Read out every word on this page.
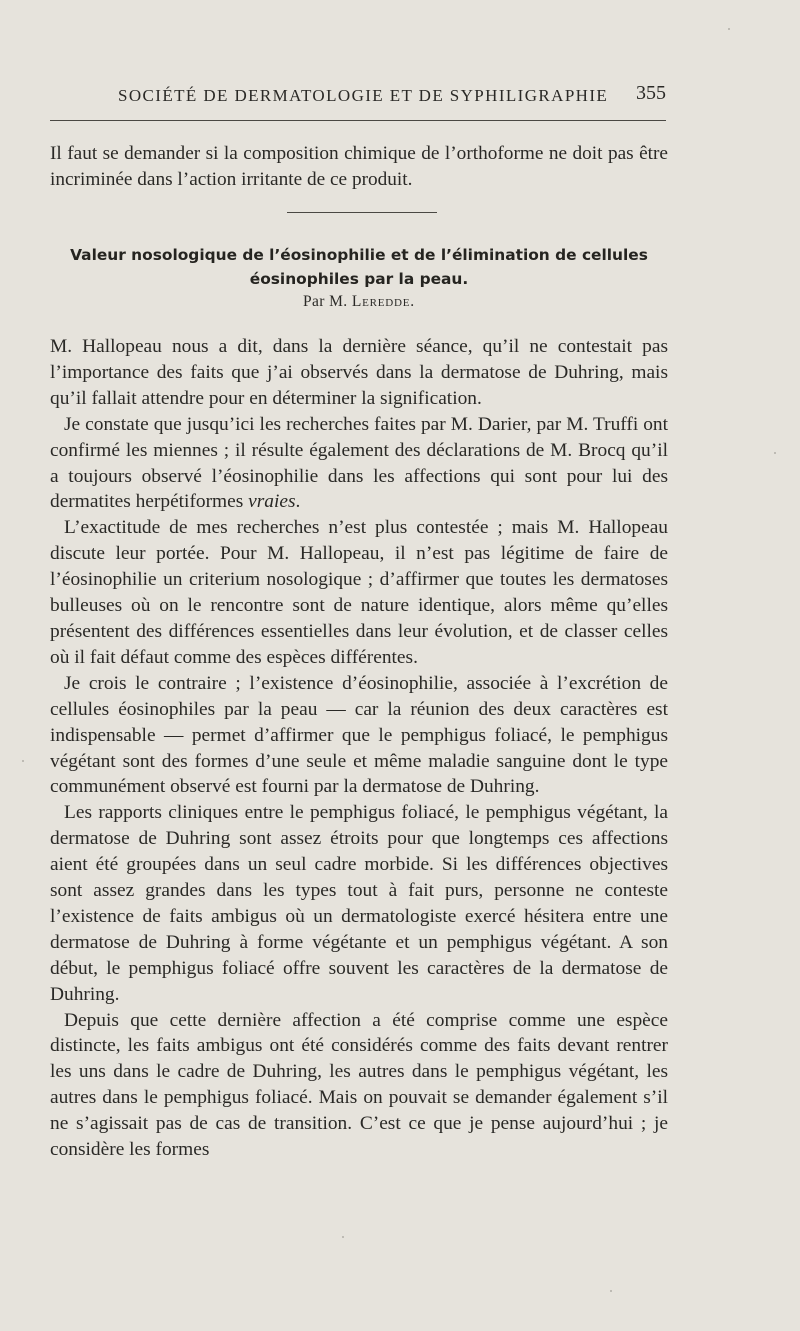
SOCIÉTÉ DE DERMATOLOGIE ET DE SYPHILIGRAPHIE 355
Il faut se demander si la composition chimique de l’orthoforme ne doit pas être incriminée dans l’action irritante de ce produit.
Valeur nosologique de l’éosinophilie et de l’élimination de cellules
éosinophiles par la peau.
Par M. Leredde.

M. Hallopeau nous a dit, dans la dernière séance, qu’il ne contestait pas l’importance des faits que j’ai observés dans la dermatose de Duhring, mais qu’il fallait attendre pour en déterminer la signification.

Je constate que jusqu’ici les recherches faites par M. Darier, par M. Truffi ont confirmé les miennes ; il résulte également des déclarations de M. Brocq qu’il a toujours observé l’éosinophilie dans les affections qui sont pour lui des dermatites herpétiformes vraies.

L’exactitude de mes recherches n’est plus contestée ; mais M. Hallopeau discute leur portée. Pour M. Hallopeau, il n’est pas légitime de faire de l’éosinophilie un criterium nosologique ; d’affirmer que toutes les dermatoses bulleuses où on le rencontre sont de nature identique, alors même qu’elles présentent des différences essentielles dans leur évolution, et de classer celles où il fait défaut comme des espèces différentes.

Je crois le contraire ; l’existence d’éosinophilie, associée à l’excrétion de cellules éosinophiles par la peau — car la réunion des deux caractères est indispensable — permet d’affirmer que le pemphigus foliacé, le pemphigus végétant sont des formes d’une seule et même maladie sanguine dont le type communément observé est fourni par la dermatose de Duhring.

Les rapports cliniques entre le pemphigus foliacé, le pemphigus végétant, la dermatose de Duhring sont assez étroits pour que longtemps ces affections aient été groupées dans un seul cadre morbide. Si les différences objectives sont assez grandes dans les types tout à fait purs, personne ne conteste l’existence de faits ambigus où un dermatologiste exercé hésitera entre une dermatose de Duhring à forme végétante et un pemphigus végétant. A son début, le pemphigus foliacé offre souvent les caractères de la dermatose de Duhring.

Depuis que cette dernière affection a été comprise comme une espèce distincte, les faits ambigus ont été considérés comme des faits devant rentrer les uns dans le cadre de Duhring, les autres dans le pemphigus végétant, les autres dans le pemphigus foliacé. Mais on pouvait se demander également s’il ne s’agissait pas de cas de transition. C’est ce que je pense aujourd’hui ; je considère les formes
